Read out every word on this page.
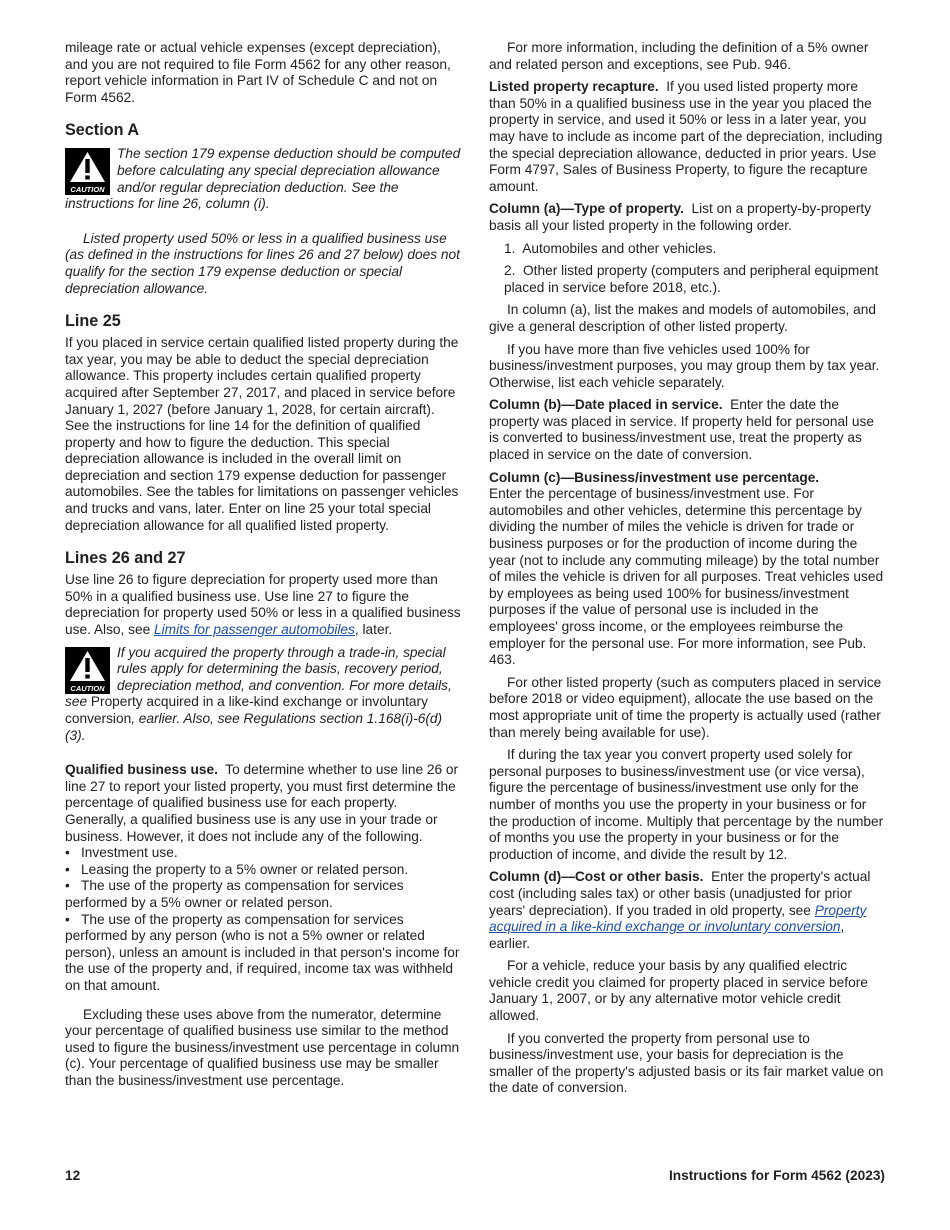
mileage rate or actual vehicle expenses (except depreciation), and you are not required to file Form 4562 for any other reason, report vehicle information in Part IV of Schedule C and not on Form 4562.

Section A
CAUTION
The section 179 expense deduction should be computed before calculating any special depreciation allowance and/or regular depreciation deduction. See the instructions for line 26, column (i).

Listed property used 50% or less in a qualified business use (as defined in the instructions for lines 26 and 27 below) does not qualify for the section 179 expense deduction or special depreciation allowance.

Line 25

If you placed in service certain qualified listed property during the tax year, you may be able to deduct the special depreciation allowance. This property includes certain qualified property acquired after September 27, 2017, and placed in service before January 1, 2027 (before January 1, 2028, for certain aircraft). See the instructions for line 14 for the definition of qualified property and how to figure the deduction. This special depreciation allowance is included in the overall limit on depreciation and section 179 expense deduction for passenger automobiles. See the tables for limitations on passenger vehicles and trucks and vans, later. Enter on line 25 your total special depreciation allowance for all qualified listed property.

Lines 26 and 27

Use line 26 to figure depreciation for property used more than 50% in a qualified business use. Use line 27 to figure the depreciation for property used 50% or less in a qualified business use. Also, see Limits for passenger automobiles, later.

CAUTION
If you acquired the property through a trade-in, special rules apply for determining the basis, recovery period, depreciation method, and convention. For more details, see Property acquired in a like-kind exchange or involuntary conversion, earlier. Also, see Regulations section 1.168(i)-6(d)(3).

Qualified business use. To determine whether to use line 26 or line 27 to report your listed property, you must first determine the percentage of qualified business use for each property. Generally, a qualified business use is any use in your trade or business. However, it does not include any of the following.

• Investment use.
• Leasing the property to a 5% owner or related person.
• The use of the property as compensation for services performed by a 5% owner or related person.
• The use of the property as compensation for services performed by any person (who is not a 5% owner or related person), unless an amount is included in that person's income for the use of the property and, if required, income tax was withheld on that amount.

Excluding these uses above from the numerator, determine your percentage of qualified business use similar to the method used to figure the business/investment use percentage in column (c). Your percentage of qualified business use may be smaller than the business/investment use percentage.

For more information, including the definition of a 5% owner and related person and exceptions, see Pub. 946.

Listed property recapture. If you used listed property more than 50% in a qualified business use in the year you placed the property in service, and used it 50% or less in a later year, you may have to include as income part of the depreciation, including the special depreciation allowance, deducted in prior years. Use Form 4797, Sales of Business Property, to figure the recapture amount.

Column (a)—Type of property. List on a property-by-property basis all your listed property in the following order.

1. Automobiles and other vehicles.

2. Other listed property (computers and peripheral equipment placed in service before 2018, etc.).

In column (a), list the makes and models of automobiles, and give a general description of other listed property.

If you have more than five vehicles used 100% for business/investment purposes, you may group them by tax year. Otherwise, list each vehicle separately.

Column (b)—Date placed in service. Enter the date the property was placed in service. If property held for personal use is converted to business/investment use, treat the property as placed in service on the date of conversion.

Column (c)—Business/investment use percentage.
Enter the percentage of business/investment use. For automobiles and other vehicles, determine this percentage by dividing the number of miles the vehicle is driven for trade or business purposes or for the production of income during the year (not to include any commuting mileage) by the total number of miles the vehicle is driven for all purposes. Treat vehicles used by employees as being used 100% for business/investment purposes if the value of personal use is included in the employees' gross income, or the employees reimburse the employer for the personal use. For more information, see Pub. 463.

For other listed property (such as computers placed in service before 2018 or video equipment), allocate the use based on the most appropriate unit of time the property is actually used (rather than merely being available for use).

If during the tax year you convert property used solely for personal purposes to business/investment use (or vice versa), figure the percentage of business/investment use only for the number of months you use the property in your business or for the production of income. Multiply that percentage by the number of months you use the property in your business or for the production of income, and divide the result by 12.

Column (d)—Cost or other basis. Enter the property's actual cost (including sales tax) or other basis (unadjusted for prior years' depreciation). If you traded in old property, see Property acquired in a like-kind exchange or involuntary conversion, earlier.

For a vehicle, reduce your basis by any qualified electric vehicle credit you claimed for property placed in service before January 1, 2007, or by any alternative motor vehicle credit allowed.

If you converted the property from personal use to business/investment use, your basis for depreciation is the smaller of the property's adjusted basis or its fair market value on the date of conversion.

12	Instructions for Form 4562 (2023)
